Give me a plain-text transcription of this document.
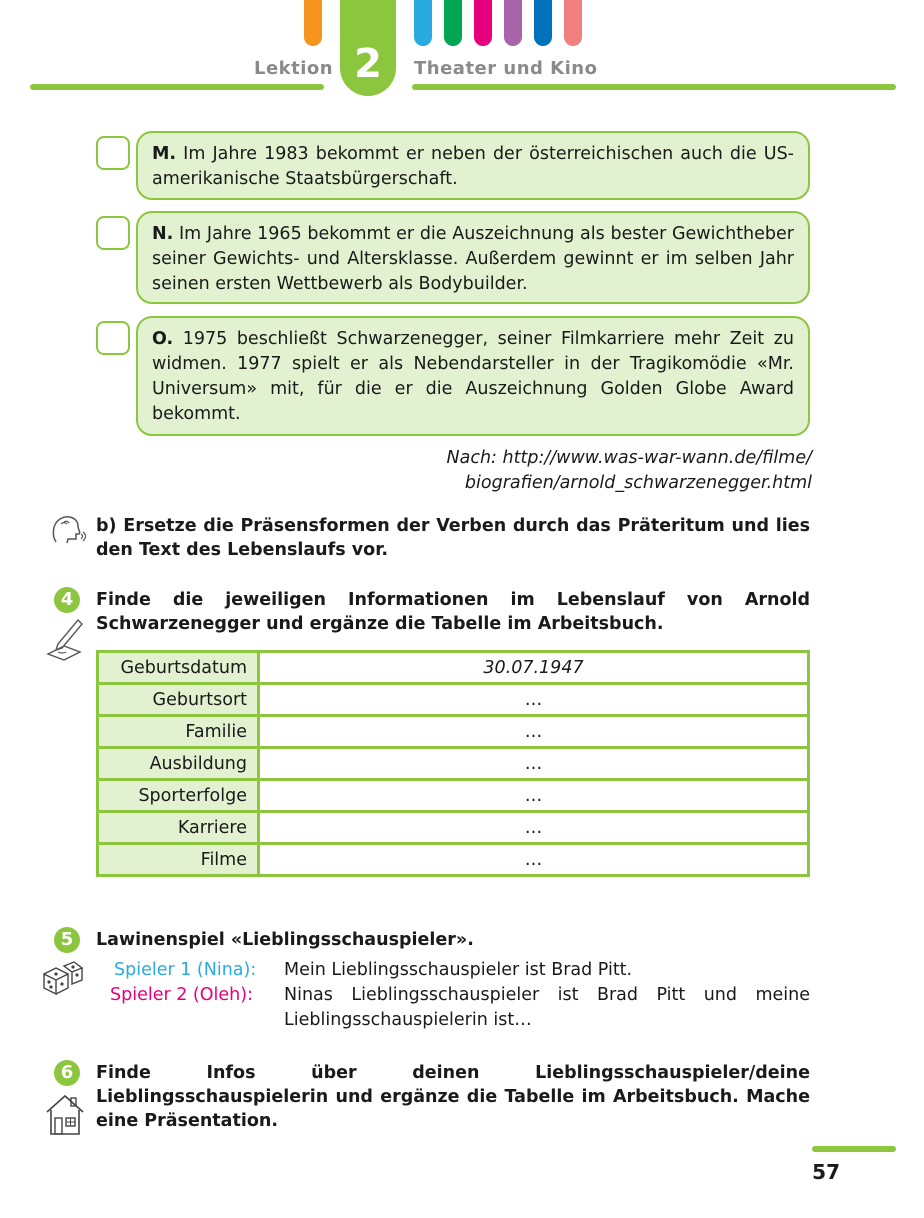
2
Lektion	Theater und Kino
M. Im Jahre 1983 bekommt er neben der österreichischen auch die US-amerikanische Staatsbürgerschaft.
N. Im Jahre 1965 bekommt er die Auszeichnung als bester Gewichtheber seiner Gewichts- und Altersklasse. Außerdem gewinnt er im selben Jahr seinen ersten Wettbewerb als Bodybuilder.
O. 1975 beschließt Schwarzenegger, seiner Filmkarriere mehr Zeit zu widmen. 1977 spielt er als Nebendarsteller in der Tragikomödie «Mr. Universum» mit, für die er die Auszeichnung Golden Globe Award bekommt.
Nach: http://www.was-war-wann.de/filme/
biografien/arnold_schwarzenegger.html
b) Ersetze die Präsensformen der Verben durch das Präteritum und lies den Text des Lebenslaufs vor.
4	Finde die jeweiligen Informationen im Lebenslauf von Arnold Schwarzenegger und ergänze die Tabelle im Arbeitsbuch.
Geburtsdatum	30.07.1947
Geburtsort	…
Familie	…
Ausbildung	…
Sporterfolge	…
Karriere	…
Filme	…
5	Lawinenspiel «Lieblingsschauspieler».
Spieler 1 (Nina): Mein Lieblingsschauspieler ist Brad Pitt.
Spieler 2 (Oleh): Ninas Lieblingsschauspieler ist Brad Pitt und meine Lieblingsschauspielerin ist…
6	Finde Infos über deinen Lieblingsschauspieler/deine Lieblingsschauspielerin und ergänze die Tabelle im Arbeitsbuch. Mache eine Präsentation.
57
